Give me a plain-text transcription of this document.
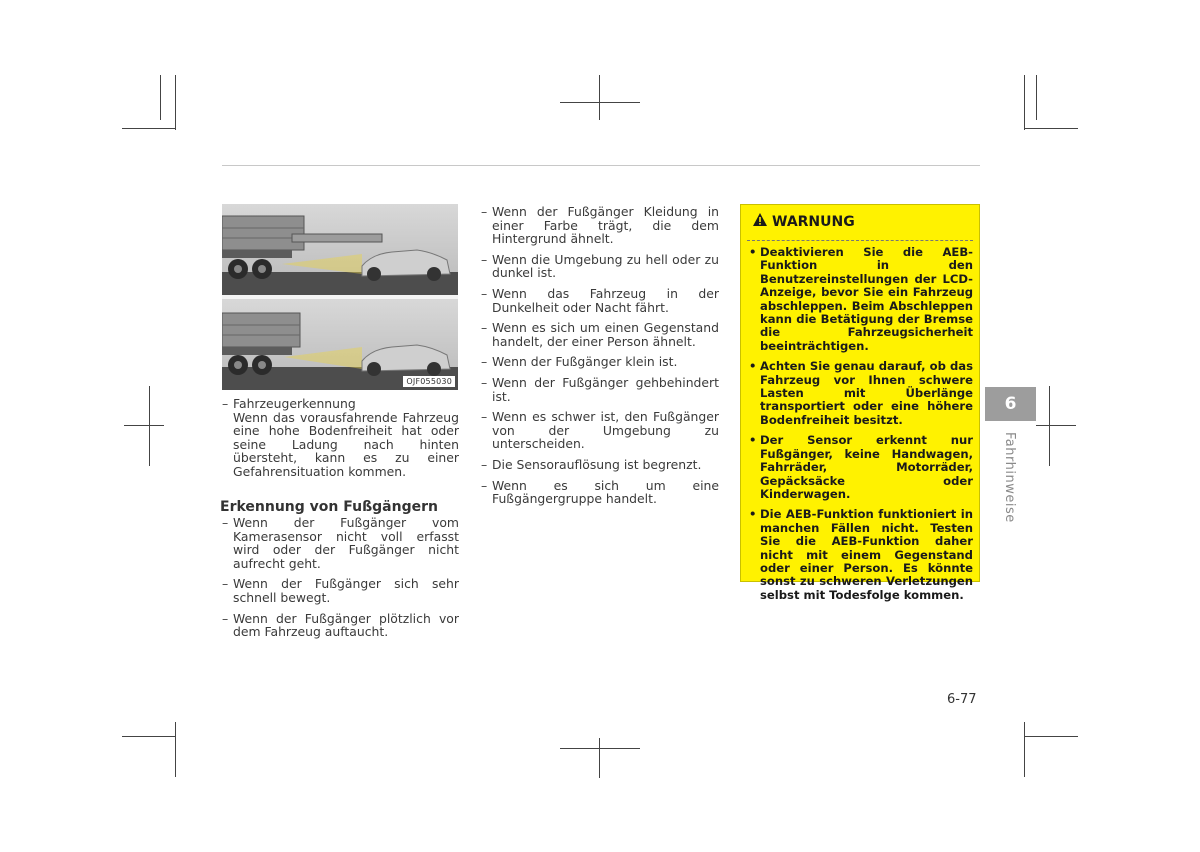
OJF055030
– Fahrzeugerkennung
Wenn das vorausfahrende Fahrzeug eine hohe Bodenfreiheit hat oder seine Ladung nach hinten übersteht, kann es zu einer Gefahrensituation kommen.
Erkennung von Fußgängern
– Wenn der Fußgänger vom Kamerasensor nicht voll erfasst wird oder der Fußgänger nicht aufrecht geht.
– Wenn der Fußgänger sich sehr schnell bewegt.
– Wenn der Fußgänger plötzlich vor dem Fahrzeug auftaucht.
– Wenn der Fußgänger Kleidung in einer Farbe trägt, die dem Hintergrund ähnelt.
– Wenn die Umgebung zu hell oder zu dunkel ist.
– Wenn das Fahrzeug in der Dunkelheit oder Nacht fährt.
– Wenn es sich um einen Gegenstand handelt, der einer Person ähnelt.
– Wenn der Fußgänger klein ist.
– Wenn der Fußgänger gehbehindert ist.
– Wenn es schwer ist, den Fußgänger von der Umgebung zu unterscheiden.
– Die Sensorauflösung ist begrenzt.
– Wenn es sich um eine Fußgängergruppe handelt.
WARNUNG
• Deaktivieren Sie die AEB-Funktion in den Benutzereinstellungen der LCD-Anzeige, bevor Sie ein Fahrzeug abschleppen. Beim Abschleppen kann die Betätigung der Bremse die Fahrzeugsicherheit beeinträchtigen.
• Achten Sie genau darauf, ob das Fahrzeug vor Ihnen schwere Lasten mit Überlänge transportiert oder eine höhere Bodenfreiheit besitzt.
• Der Sensor erkennt nur Fußgänger, keine Handwagen, Fahrräder, Motorräder, Gepäcksäcke oder Kinderwagen.
• Die AEB-Funktion funktioniert in manchen Fällen nicht. Testen Sie die AEB-Funktion daher nicht mit einem Gegenstand oder einer Person. Es könnte sonst zu schweren Verletzungen selbst mit Todesfolge kommen.
6
Fahrhinweise
6-77
